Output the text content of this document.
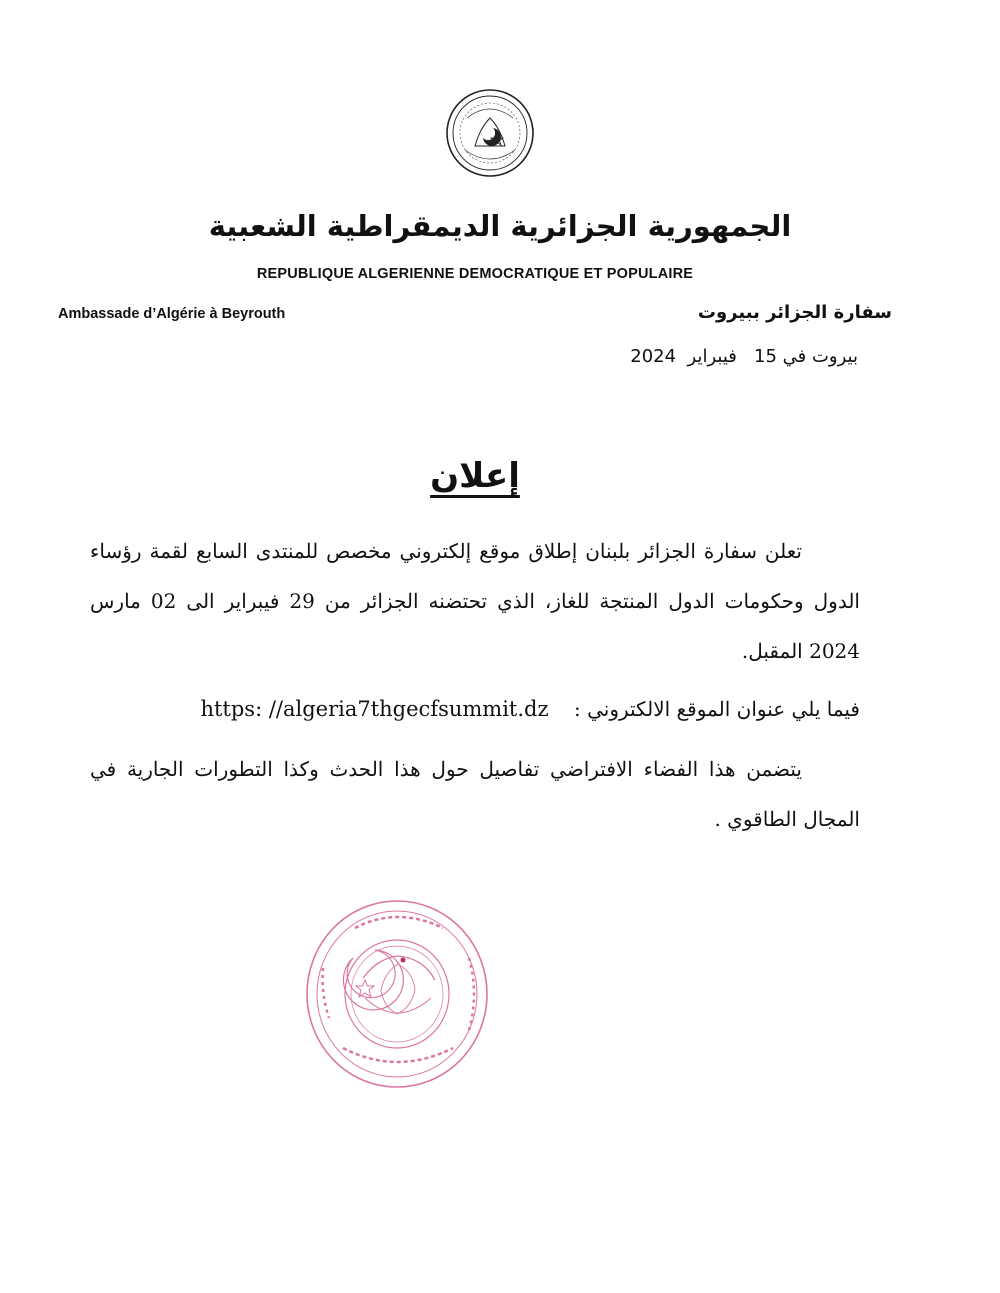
الجمهورية الجزائرية الديمقراطية الشعبية
REPUBLIQUE ALGERIENNE DEMOCRATIQUE ET POPULAIRE
Ambassade d’Algérie à Beyrouth	سفارة الجزائر ببيروت
بيروت في 15   فيبراير  2024
إعلان

تعلن سفارة الجزائر بلبنان إطلاق موقع إلكتروني مخصص للمنتدى السابع لقمة رؤساء الدول وحكومات الدول المنتجة للغاز، الذي تحتضنه الجزائر من 29 فيبراير الى 02 مارس 2024 المقبل.

فيما يلي عنوان الموقع الالكتروني :    https: //algeria7thgecfsummit.dz

يتضمن هذا الفضاء الافتراضي تفاصيل حول هذا الحدث وكذا التطورات الجارية في المجال الطاقوي .
